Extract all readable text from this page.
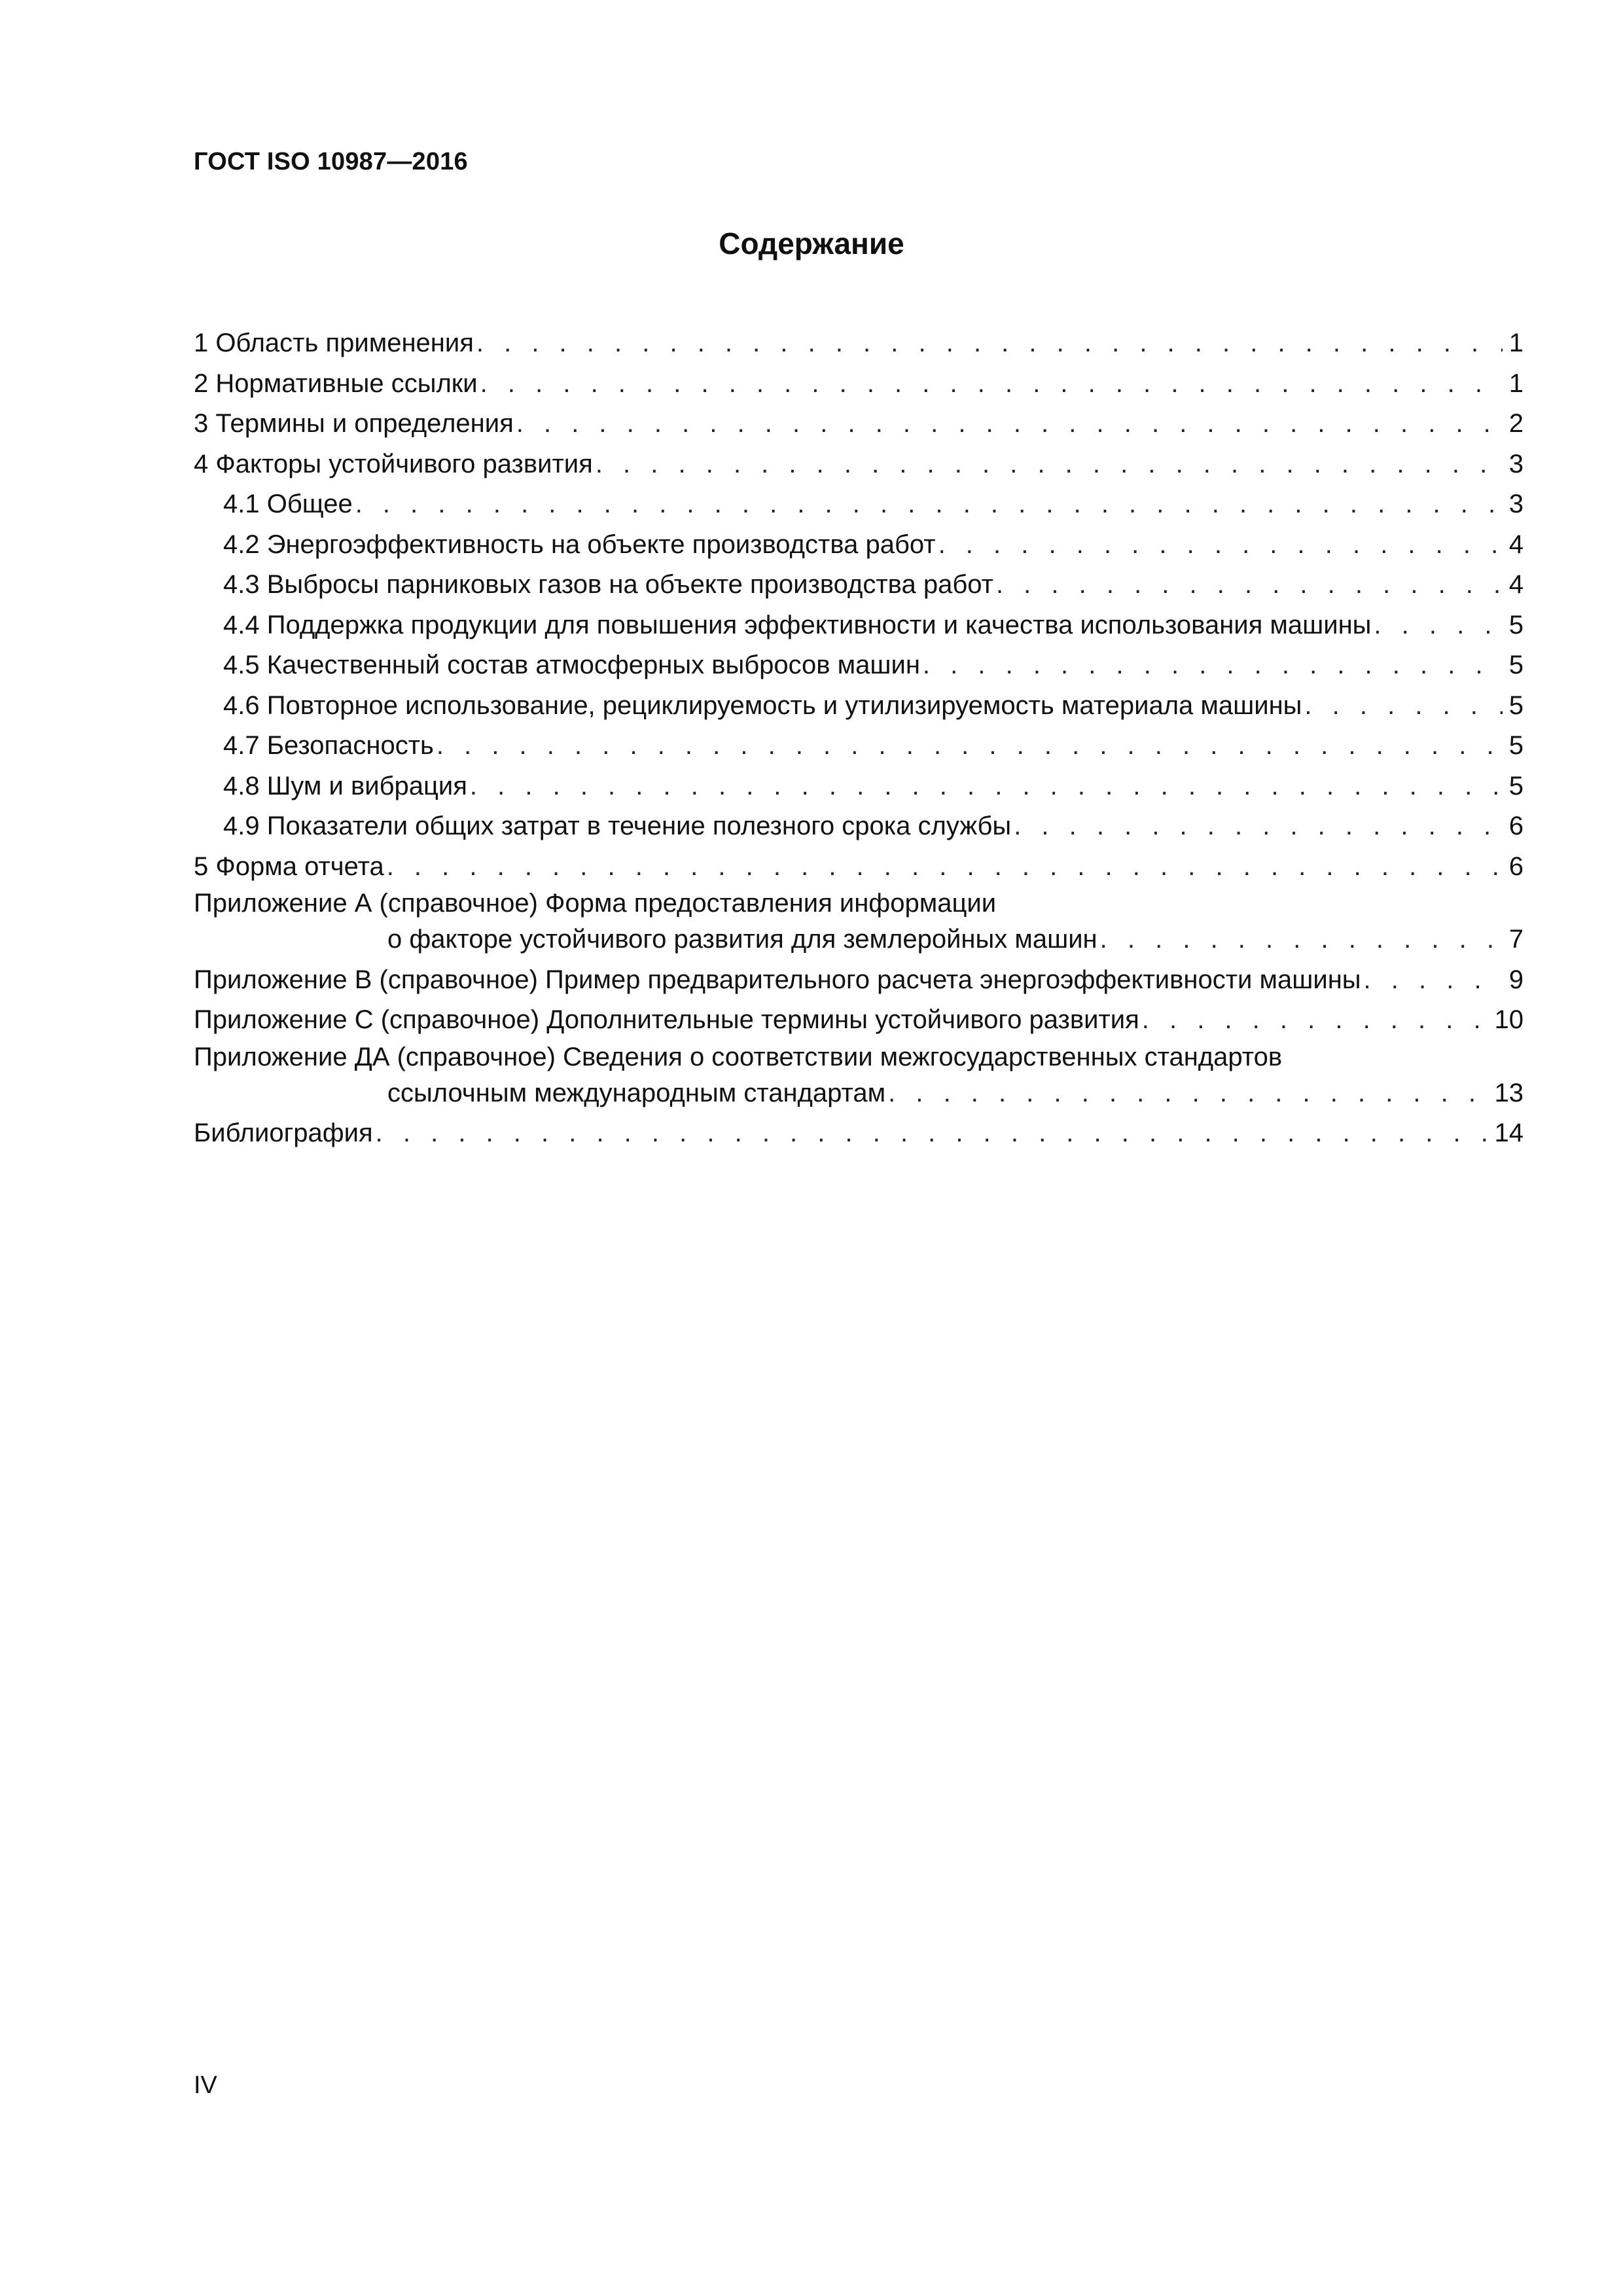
ГОСТ ISO 10987—2016
Содержание
1 Область применения . . .	1
2 Нормативные ссылки . . .	1
3 Термины и определения . . .	2
4 Факторы устойчивого развития . . .	3
4.1 Общее . . .	3
4.2 Энергоэффективность на объекте производства работ . . .	4
4.3 Выбросы парниковых газов на объекте производства работ . . .	4
4.4 Поддержка продукции для повышения эффективности и качества использования машины . . .	5
4.5 Качественный состав атмосферных выбросов машин . . .	5
4.6 Повторное использование, рециклируемость и утилизируемость материала машины . . .	5
4.7 Безопасность . . .	5
4.8 Шум и вибрация . . .	5
4.9 Показатели общих затрат в течение полезного срока службы . . .	6
5 Форма отчета . . .	6
Приложение А (справочное) Форма предоставления информации
о факторе устойчивого развития для землеройных машин . . .	7
Приложение В (справочное) Пример предварительного расчета энергоэффективности машины . . .	9
Приложение С (справочное) Дополнительные термины устойчивого развития . . .	10
Приложение ДА (справочное) Сведения о соответствии межгосударственных стандартов
ссылочным международным стандартам . . .	13
Библиография . . .	14
IV
